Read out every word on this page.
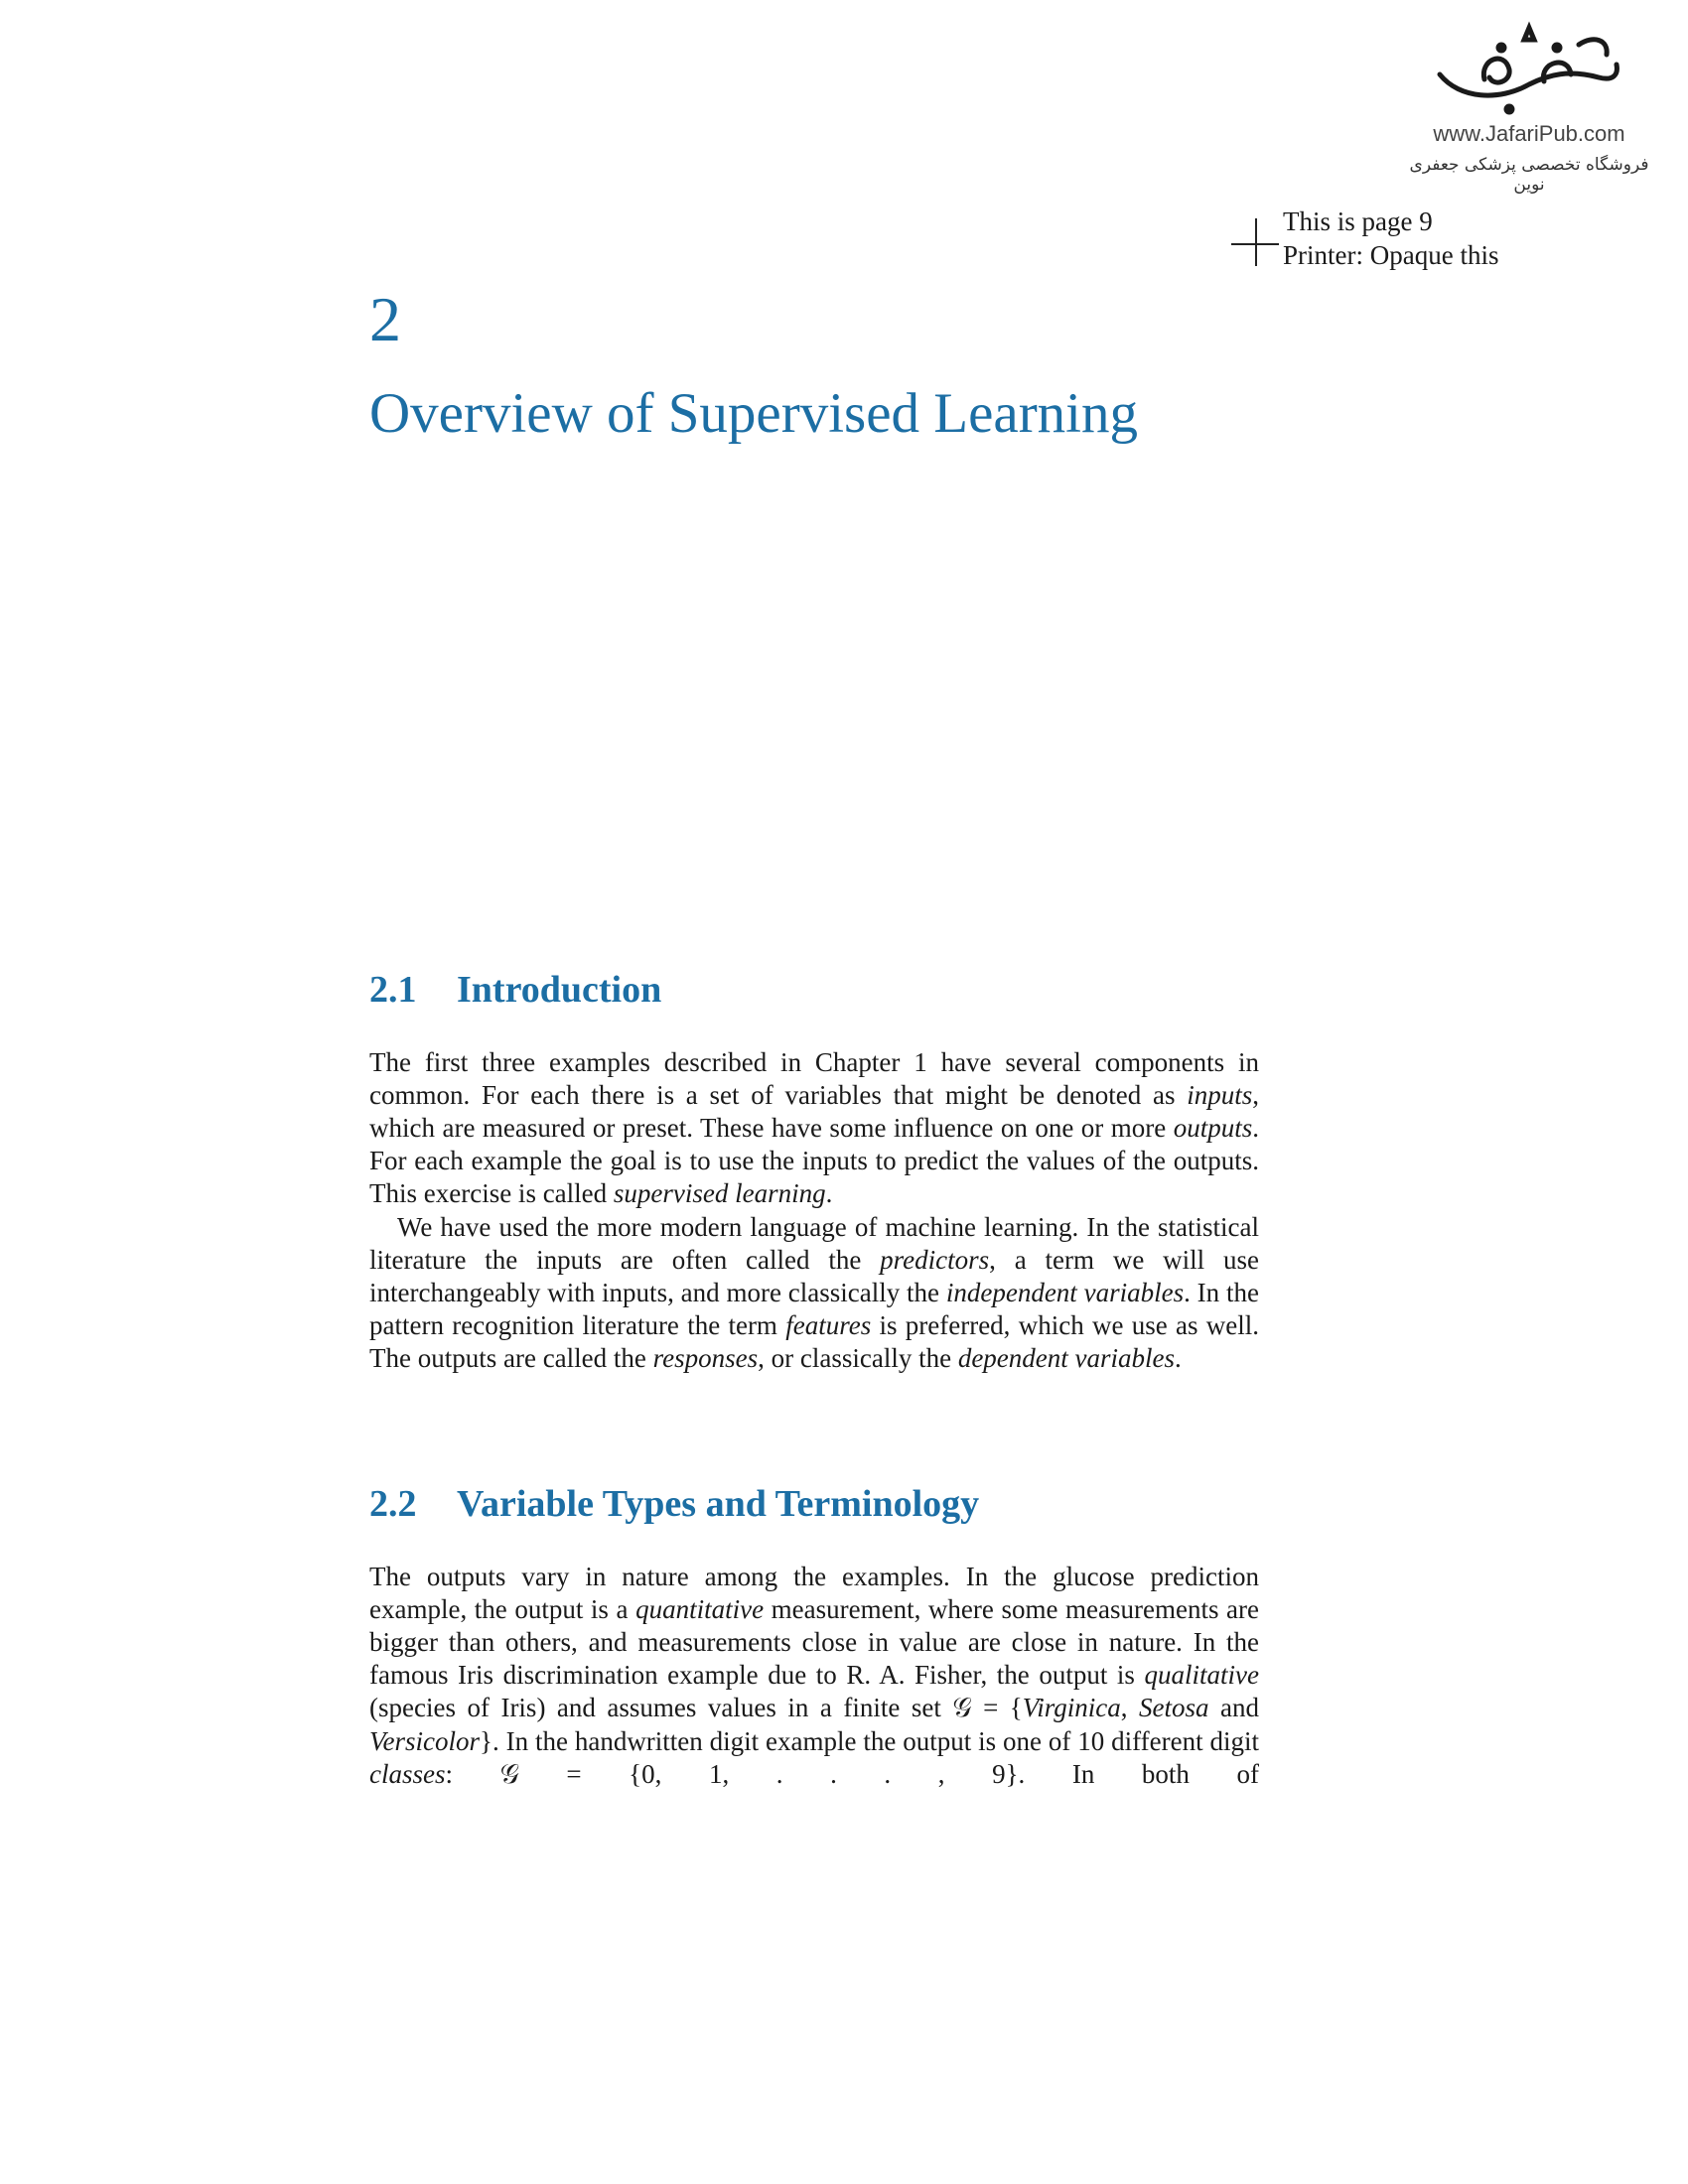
www.JafariPub.com
فروشگاه تخصصی پزشکی جعفری نوین
This is page 9
Printer: Opaque this
2
Overview of Supervised Learning
2.1 Introduction

The first three examples described in Chapter 1 have several components in common. For each there is a set of variables that might be denoted as inputs, which are measured or preset. These have some influence on one or more outputs. For each example the goal is to use the inputs to predict the values of the outputs. This exercise is called supervised learning.

We have used the more modern language of machine learning. In the statistical literature the inputs are often called the predictors, a term we will use interchangeably with inputs, and more classically the independent variables. In the pattern recognition literature the term features is preferred, which we use as well. The outputs are called the responses, or classically the dependent variables.

2.2 Variable Types and Terminology

The outputs vary in nature among the examples. In the glucose prediction example, the output is a quantitative measurement, where some measurements are bigger than others, and measurements close in value are close in nature. In the famous Iris discrimination example due to R. A. Fisher, the output is qualitative (species of Iris) and assumes values in a finite set 𝒢 = {Virginica, Setosa and Versicolor}. In the handwritten digit example the output is one of 10 different digit classes: 𝒢 = {0, 1, . . . , 9}. In both of
